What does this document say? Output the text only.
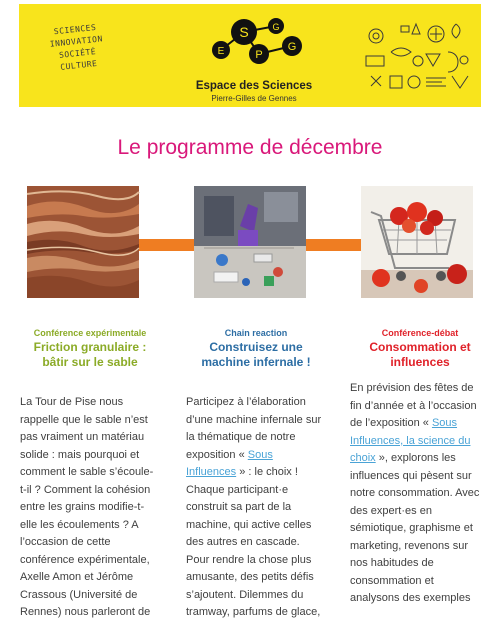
SCIENCES
INNOVATION
SOCIÉTÉ
CULTURE
E
S
P
G
G
Espace des Sciences
Pierre-Gilles de Gennes
Le programme de décembre
Conférence expérimentale
Friction granulaire : bâtir sur le sable
La Tour de Pise nous
rappelle que le sable n’est
pas vraiment un matériau
solide : mais pourquoi et
comment le sable s’écoule-
t-il ? Comment la cohésion
entre les grains modifie-t-
elle les écoulements ? A
l’occasion de cette
conférence expérimentale,
Axelle Amon et Jérôme
Crassous (Université de
Rennes) nous parleront de
Chain reaction
Construisez une machine infernale !
Participez à l’élaboration
d’une machine infernale sur
la thématique de notre
exposition « Sous
Influences » : le choix !
Chaque participant·e
construit sa part de la
machine, qui active celles
des autres en cascade.
Pour rendre la chose plus
amusante, des petits défis
s’ajoutent. Dilemmes du
tramway, parfums de glace,
Conférence-débat
Consommation et influences
En prévision des fêtes de
fin d’année et à l’occasion
de l’exposition « Sous
Influences, la science du
choix », explorons les
influences qui pèsent sur
notre consommation. Avec
des expert·es en
sémiotique, graphisme et
marketing, revenons sur
nos habitudes de
consommation et
analysons des exemples
